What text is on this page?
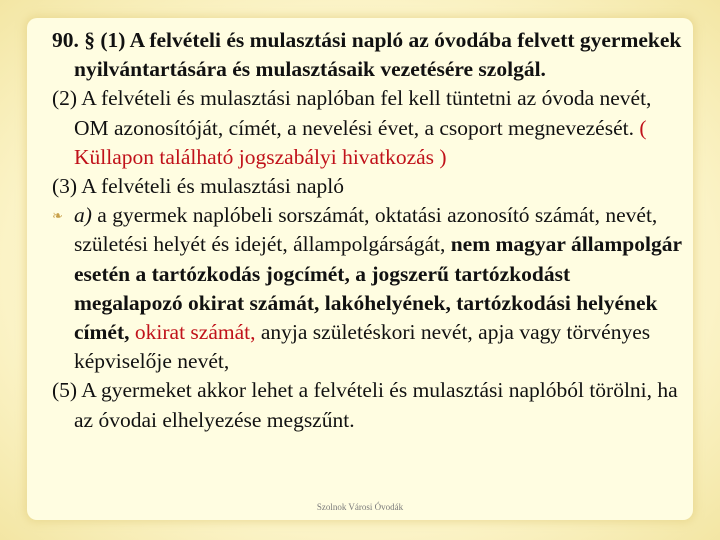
90. § (1) A felvételi és mulasztási napló az óvodába felvett gyermekek nyilvántartására és mulasztásaik vezetésére szolgál.

(2) A felvételi és mulasztási naplóban fel kell tüntetni az óvoda nevét, OM azonosítóját, címét, a nevelési évet, a csoport megnevezését. ( Küllapon található jogszabályi hivatkozás )

(3) A felvételi és mulasztási napló

❧ a) a gyermek naplóbeli sorszámát, oktatási azonosító számát, nevét, születési helyét és idejét, állampolgárságát, nem magyar állampolgár esetén a tartózkodás jogcímét, a jogszerű tartózkodást megalapozó okirat számát, lakóhelyének, tartózkodási helyének címét, okirat számát, anyja születéskori nevét, apja vagy törvényes képviselője nevét,

(5) A gyermeket akkor lehet a felvételi és mulasztási naplóból törölni, ha az óvodai elhelyezése megszűnt.

Szolnok Városi Óvodák
